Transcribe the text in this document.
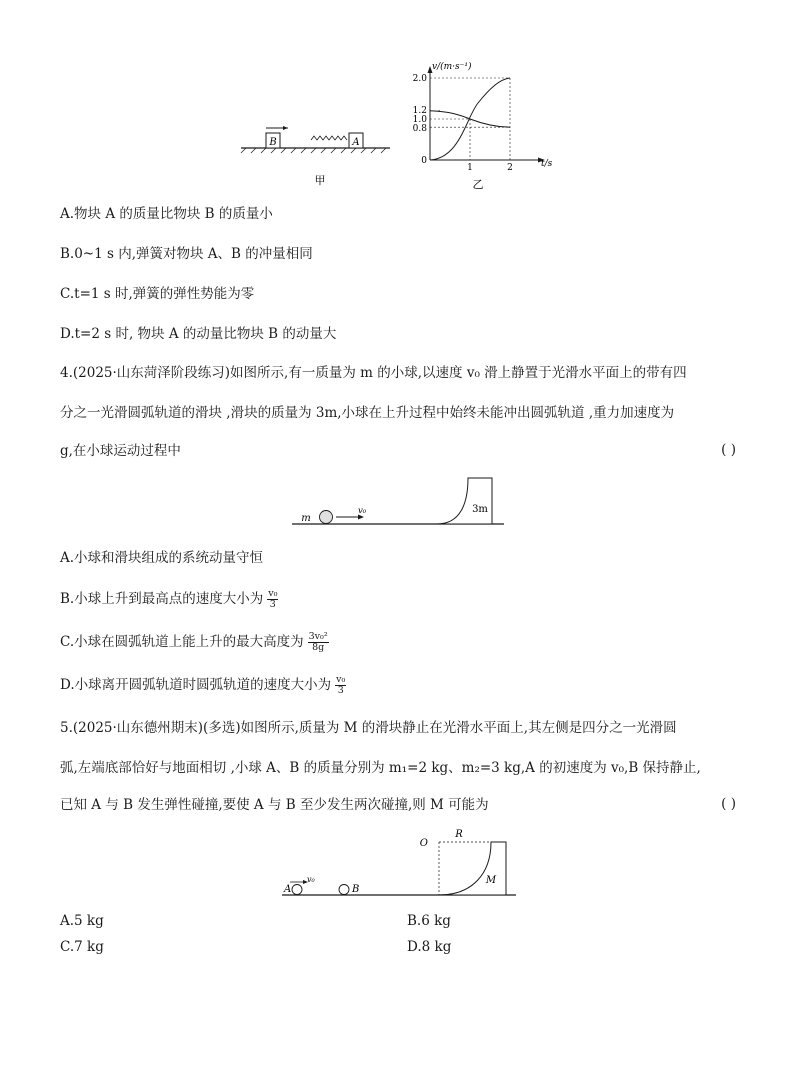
B	A
甲
v/(m·s⁻¹)
t/s
2.0
1.2
1.0
0.8
0
1	2
乙
A.物块 A 的质量比物块 B 的质量小
B.0~1 s 内,弹簧对物块 A、B 的冲量相同
C.t=1 s 时,弹簧的弹性势能为零
D.t=2 s 时, 物块 A 的动量比物块 B 的动量大
4.(2025·山东菏泽阶段练习)如图所示,有一质量为 m 的小球,以速度 v₀ 滑上静置于光滑水平面上的带有四
分之一光滑圆弧轨道的滑块 ,滑块的质量为 3m,小球在上升过程中始终未能冲出圆弧轨道 ,重力加速度为
g,在小球运动过程中	( )
m
v₀	3m
A.小球和滑块组成的系统动量守恒
B.小球上升到最高点的速度大小为 $\frac{\text{v₀}}{3}$
C.小球在圆弧轨道上能上升的最大高度为 $\frac{\text{3v₀²}}{8g}$
D.小球离开圆弧轨道时圆弧轨道的速度大小为 $\frac{\text{v₀}}{3}$
5.(2025·山东德州期末)(多选)如图所示,质量为 M 的滑块静止在光滑水平面上,其左侧是四分之一光滑圆
弧,左端底部恰好与地面相切 ,小球 A、B 的质量分别为 m₁=2 kg、m₂=3 kg,A 的初速度为 v₀,B 保持静止,
已知 A 与 B 发生弹性碰撞,要使 A 与 B 至少发生两次碰撞,则 M 可能为	( )
A
v₀
B
O
R
M
A.5 kg	B.6 kg
C.7 kg	D.8 kg
